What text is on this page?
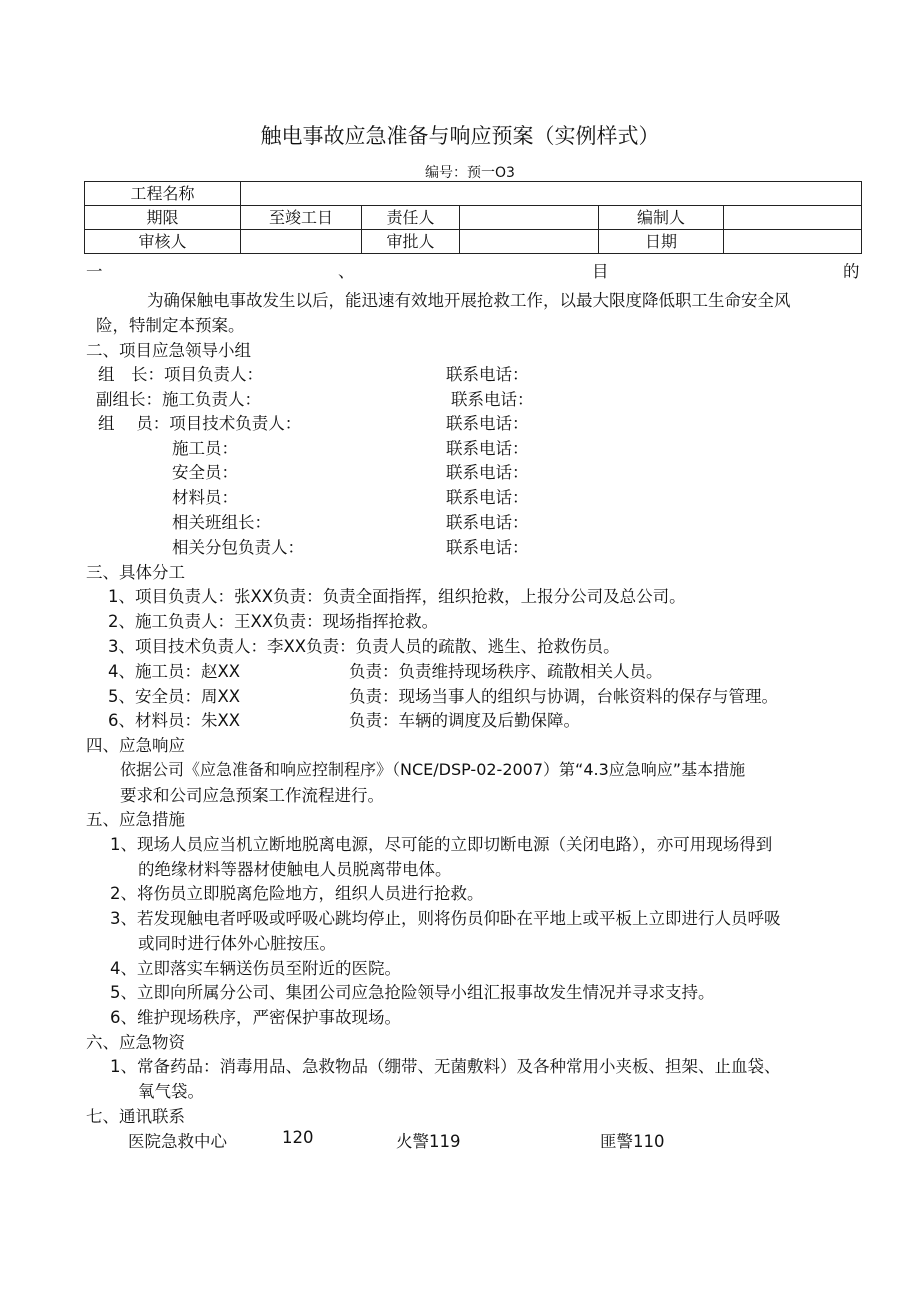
触电事故应急准备与响应预案（实例样式）
编号：预一O3
工程名称					
期限	至竣工日	责任人		编制人	
审核人		审批人		日期	
一	、	目	的
为确保触电事故发生以后，能迅速有效地开展抢救工作，以最大限度降低职工生命安全风
险，特制定本预案。
二、项目应急领导小组
组　长：项目负责人：	联系电话：
副组长：施工负责人：	联系电话：
组　 员：项目技术负责人：	联系电话：
施工员：	联系电话：
安全员：	联系电话：
材料员：	联系电话：
相关班组长：	联系电话：
相关分包负责人：	联系电话：
三、具体分工
1、项目负责人：张XX负责：负责全面指挥，组织抢救，上报分公司及总公司。
2、施工负责人：王XX负责：现场指挥抢救。
3、项目技术负责人：李XX负责：负责人员的疏散、逃生、抢救伤员。
4、施工员：赵XX	负责：负责维持现场秩序、疏散相关人员。
5、安全员：周XX	负责：现场当事人的组织与协调，台帐资料的保存与管理。
6、材料员：朱XX	负责：车辆的调度及后勤保障。
四、应急响应
依据公司《应急准备和响应控制程序》（NCE/DSP-02-2007）第“4.3应急响应”基本措施
要求和公司应急预案工作流程进行。
五、应急措施
1、现场人员应当机立断地脱离电源，尽可能的立即切断电源（关闭电路），亦可用现场得到
的绝缘材料等器材使触电人员脱离带电体。
2、将伤员立即脱离危险地方，组织人员进行抢救。
3、若发现触电者呼吸或呼吸心跳均停止，则将伤员仰卧在平地上或平板上立即进行人员呼吸
或同时进行体外心脏按压。
4、立即落实车辆送伤员至附近的医院。
5、立即向所属分公司、集团公司应急抢险领导小组汇报事故发生情况并寻求支持。
6、维护现场秩序，严密保护事故现场。
六、应急物资
1、常备药品：消毒用品、急救物品（绷带、无菌敷料）及各种常用小夹板、担架、止血袋、
氧气袋。
七、通讯联系
医院急救中心	120	火警119	匪警110
